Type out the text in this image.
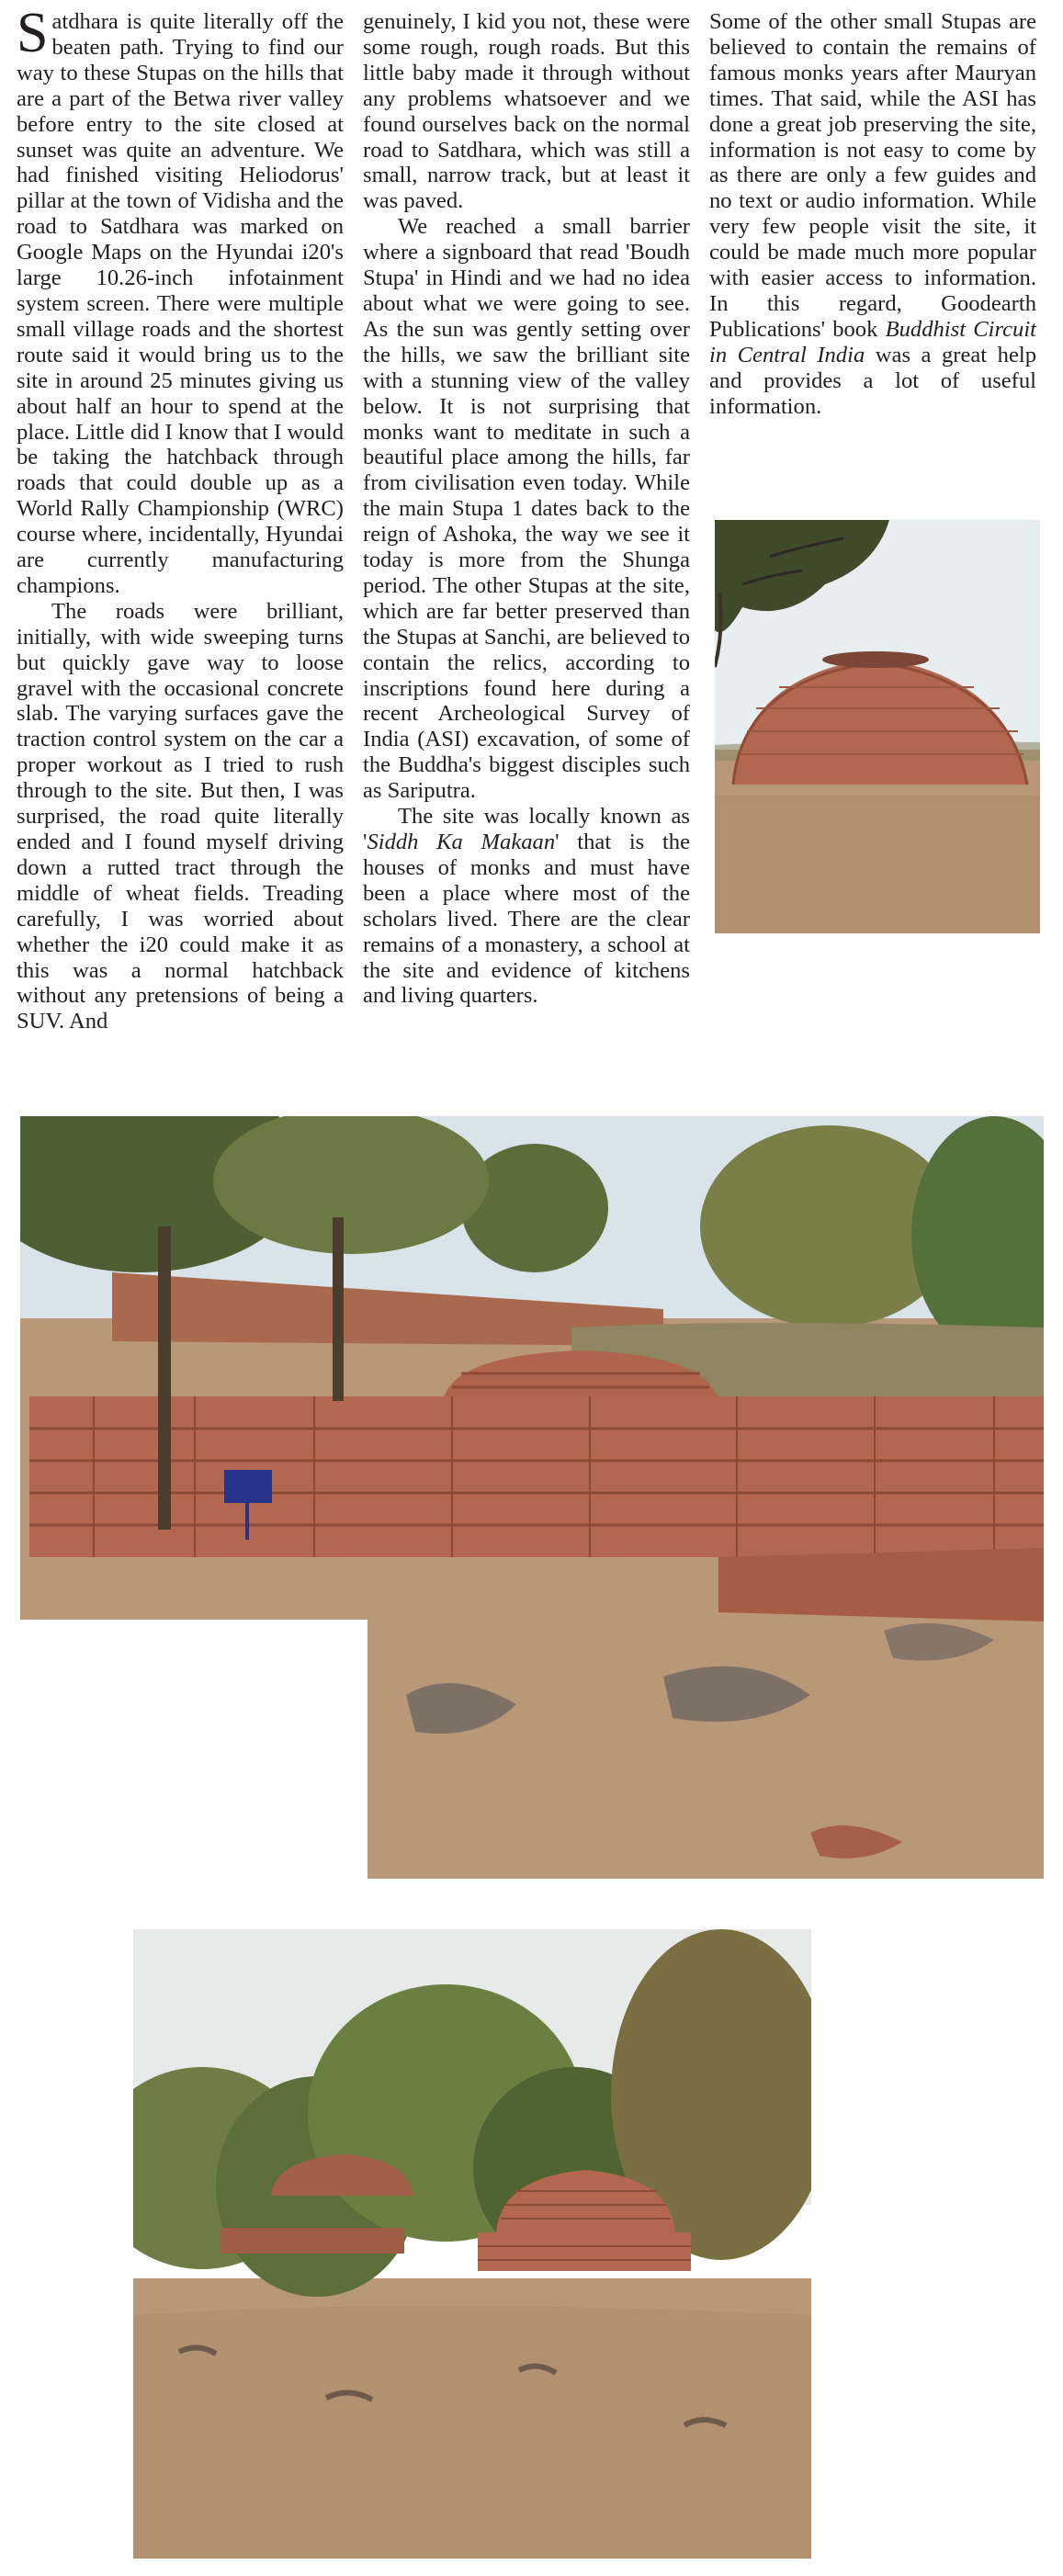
Satdhara is quite literally off the beaten path. Trying to find our way to these Stupas on the hills that are a part of the Betwa river valley before entry to the site closed at sunset was quite an adventure. We had finished visiting Heliodorus' pillar at the town of Vidisha and the road to Satdhara was marked on Google Maps on the Hyundai i20's large 10.26-inch infotainment system screen. There were multiple small village roads and the shortest route said it would bring us to the site in around 25 minutes giving us about half an hour to spend at the place. Little did I know that I would be taking the hatchback through roads that could double up as a World Rally Championship (WRC) course where, incidentally, Hyundai are currently manufacturing champions.

The roads were brilliant, initially, with wide sweeping turns but quickly gave way to loose gravel with the occasional concrete slab. The varying surfaces gave the traction control system on the car a proper workout as I tried to rush through to the site. But then, I was surprised, the road quite literally ended and I found myself driving down a rutted tract through the middle of wheat fields. Treading carefully, I was worried about whether the i20 could make it as this was a normal hatchback without any pretensions of being a SUV. And

genuinely, I kid you not, these were some rough, rough roads. But this little baby made it through without any problems whatsoever and we found ourselves back on the normal road to Satdhara, which was still a small, narrow track, but at least it was paved.

We reached a small barrier where a signboard that read 'Boudh Stupa' in Hindi and we had no idea about what we were going to see. As the sun was gently setting over the hills, we saw the brilliant site with a stunning view of the valley below. It is not surprising that monks want to meditate in such a beautiful place among the hills, far from civilisation even today. While the main Stupa 1 dates back to the reign of Ashoka, the way we see it today is more from the Shunga period. The other Stupas at the site, which are far better preserved than the Stupas at Sanchi, are believed to contain the relics, according to inscriptions found here during a recent Archeological Survey of India (ASI) excavation, of some of the Buddha's biggest disciples such as Sariputra.

The site was locally known as 'Siddh Ka Makaan' that is the houses of monks and must have been a place where most of the scholars lived. There are the clear remains of a monastery, a school at the site and evidence of kitchens and living quarters.

Some of the other small Stupas are believed to contain the remains of famous monks years after Mauryan times. That said, while the ASI has done a great job preserving the site, information is not easy to come by as there are only a few guides and no text or audio information. While very few people visit the site, it could be made much more popular with easier access to information. In this regard, Goodearth Publications' book Buddhist Circuit in Central India was a great help and provides a lot of useful information.
